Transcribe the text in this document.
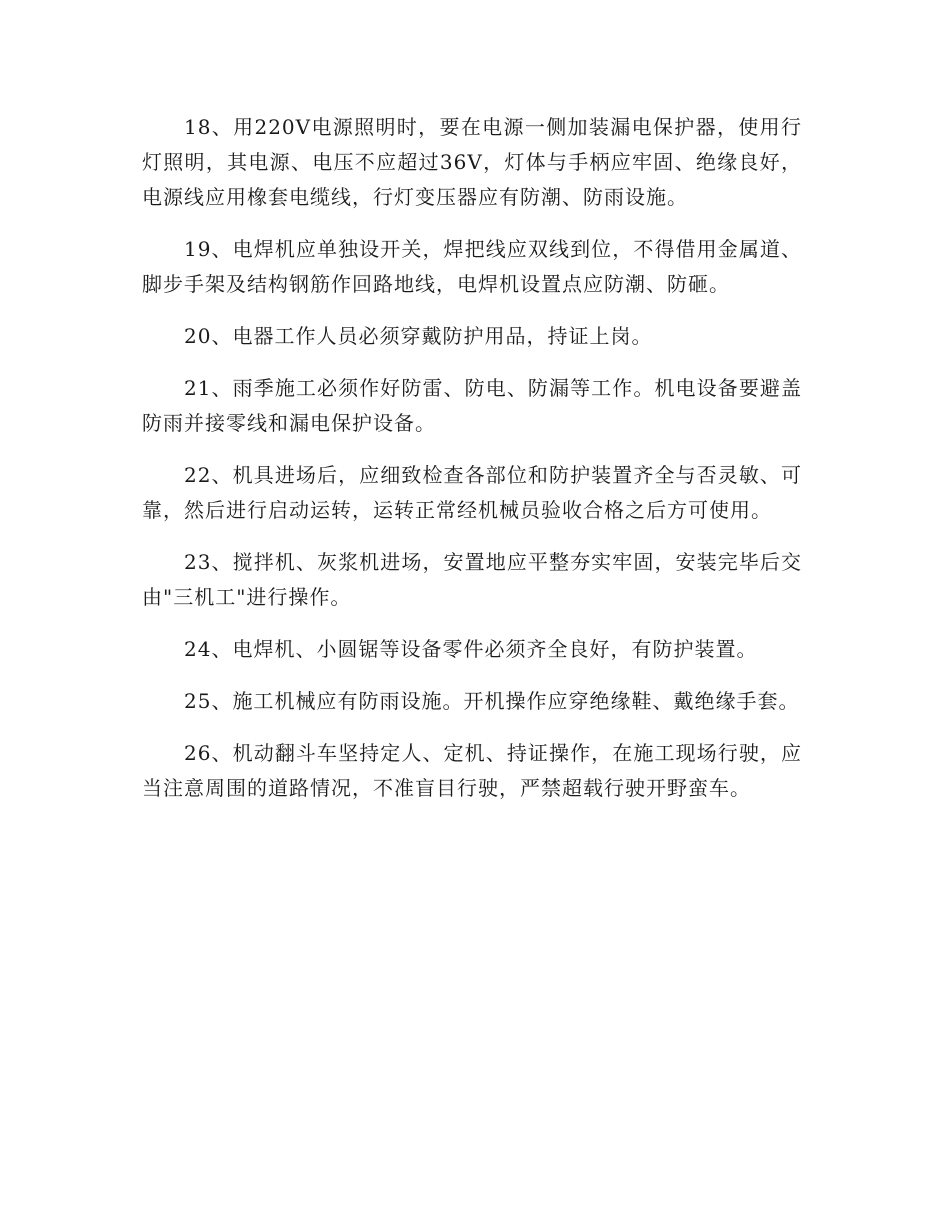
18、用220V电源照明时，要在电源一侧加装漏电保护器，使用行灯照明，其电源、电压不应超过36V，灯体与手柄应牢固、绝缘良好，电源线应用橡套电缆线，行灯变压器应有防潮、防雨设施。

19、电焊机应单独设开关，焊把线应双线到位，不得借用金属道、脚步手架及结构钢筋作回路地线，电焊机设置点应防潮、防砸。

20、电器工作人员必须穿戴防护用品，持证上岗。

21、雨季施工必须作好防雷、防电、防漏等工作。机电设备要避盖防雨并接零线和漏电保护设备。

22、机具进场后，应细致检查各部位和防护装置齐全与否灵敏、可靠，然后进行启动运转，运转正常经机械员验收合格之后方可使用。

23、搅拌机、灰浆机进场，安置地应平整夯实牢固，安装完毕后交由"三机工"进行操作。

24、电焊机、小圆锯等设备零件必须齐全良好，有防护装置。

25、施工机械应有防雨设施。开机操作应穿绝缘鞋、戴绝缘手套。

26、机动翻斗车坚持定人、定机、持证操作，在施工现场行驶，应当注意周围的道路情况，不准盲目行驶，严禁超载行驶开野蛮车。
